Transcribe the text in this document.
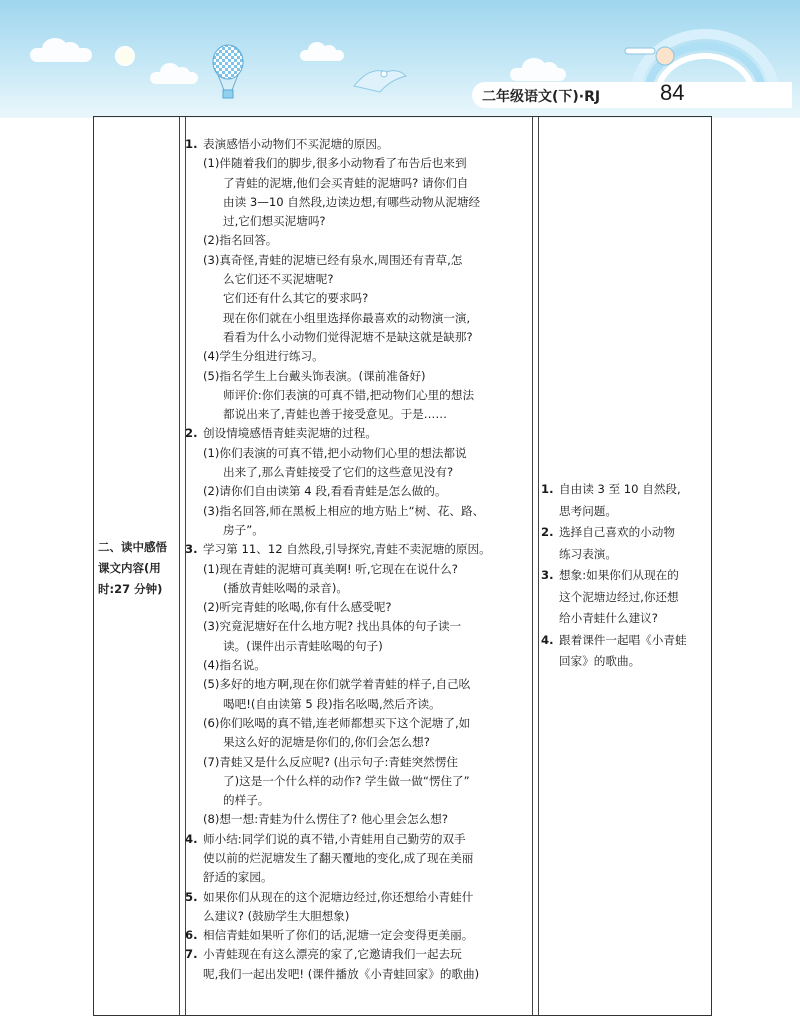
二年级语文(下)·RJ	84
二、读中感悟
课文内容(用
时:27 分钟)
1. 表演感悟小动物们不买泥塘的原因。
(1)伴随着我们的脚步,很多小动物看了布告后也来到
了青蛙的泥塘,他们会买青蛙的泥塘吗? 请你们自
由读 3—10 自然段,边读边想,有哪些动物从泥塘经
过,它们想买泥塘吗?
(2)指名回答。
(3)真奇怪,青蛙的泥塘已经有泉水,周围还有青草,怎
么它们还不买泥塘呢?
它们还有什么其它的要求吗?
现在你们就在小组里选择你最喜欢的动物演一演,
看看为什么小动物们觉得泥塘不是缺这就是缺那?
(4)学生分组进行练习。
(5)指名学生上台戴头饰表演。(课前准备好)
师评价:你们表演的可真不错,把动物们心里的想法
都说出来了,青蛙也善于接受意见。于是……
2. 创设情境感悟青蛙卖泥塘的过程。
(1)你们表演的可真不错,把小动物们心里的想法都说
出来了,那么青蛙接受了它们的这些意见没有?
(2)请你们自由读第 4 段,看看青蛙是怎么做的。
(3)指名回答,师在黑板上相应的地方贴上“树、花、路、
房子”。
3. 学习第 11、12 自然段,引导探究,青蛙不卖泥塘的原因。
(1)现在青蛙的泥塘可真美啊! 听,它现在在说什么?
(播放青蛙吆喝的录音)。
(2)听完青蛙的吆喝,你有什么感受呢?
(3)究竟泥塘好在什么地方呢? 找出具体的句子读一
读。(课件出示青蛙吆喝的句子)
(4)指名说。
(5)多好的地方啊,现在你们就学着青蛙的样子,自己吆
喝吧!(自由读第 5 段)指名吆喝,然后齐读。
(6)你们吆喝的真不错,连老师都想买下这个泥塘了,如
果这么好的泥塘是你们的,你们会怎么想?
(7)青蛙又是什么反应呢? (出示句子:青蛙突然愣住
了)这是一个什么样的动作? 学生做一做“愣住了”
的样子。
(8)想一想:青蛙为什么愣住了? 他心里会怎么想?
4. 师小结:同学们说的真不错,小青蛙用自己勤劳的双手
使以前的烂泥塘发生了翻天覆地的变化,成了现在美丽
舒适的家园。
5. 如果你们从现在的这个泥塘边经过,你还想给小青蛙什
么建议? (鼓励学生大胆想象)
6. 相信青蛙如果听了你们的话,泥塘一定会变得更美丽。
7. 小青蛙现在有这么漂亮的家了,它邀请我们一起去玩
呢,我们一起出发吧! (课件播放《小青蛙回家》的歌曲)
1. 自由读 3 至 10 自然段,
思考问题。
2. 选择自己喜欢的小动物
练习表演。
3. 想象:如果你们从现在的
这个泥塘边经过,你还想
给小青蛙什么建议?
4. 跟着课件一起唱《小青蛙
回家》的歌曲。
